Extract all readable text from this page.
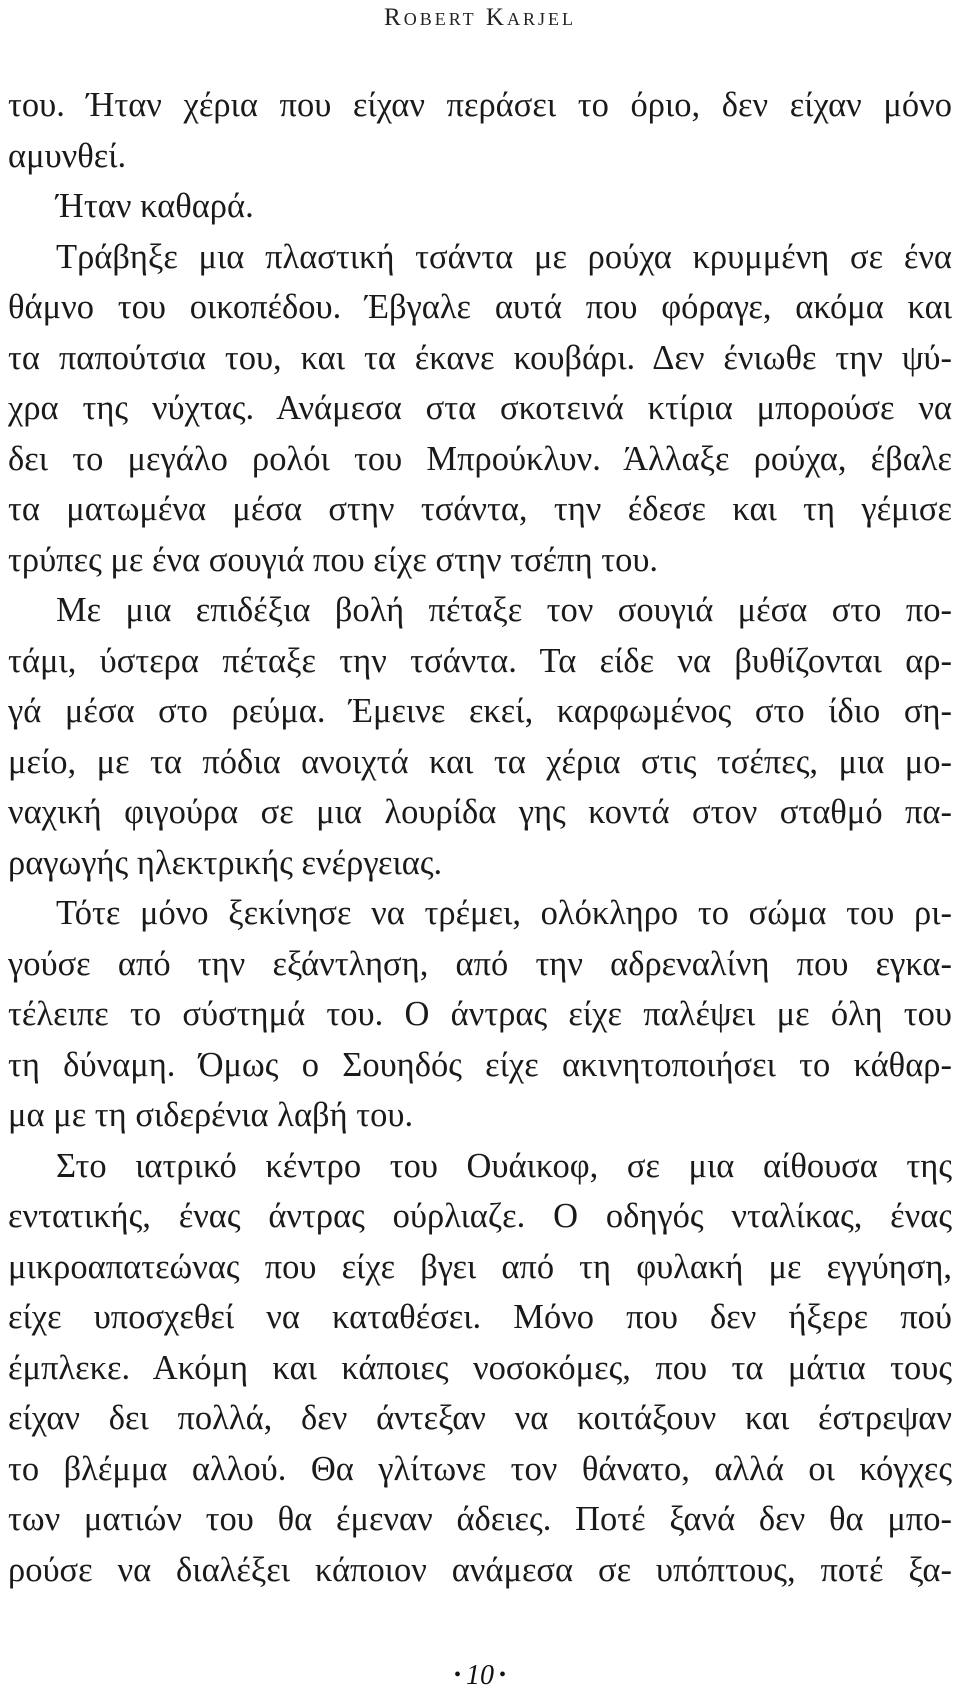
Robert Karjel
του. Ήταν χέρια που είχαν περάσει το όριο, δεν είχαν μόνο
αμυνθεί.
Ήταν καθαρά.
Τράβηξε μια πλαστική τσάντα με ρούχα κρυμμένη σε ένα
θάμνο του οικοπέδου. Έβγαλε αυτά που φόραγε, ακόμα και
τα παπούτσια του, και τα έκανε κουβάρι. Δεν ένιωθε την ψύ-
χρα της νύχτας. Ανάμεσα στα σκοτεινά κτίρια μπορούσε να
δει το μεγάλο ρολόι του Μπρούκλυν. Άλλαξε ρούχα, έβαλε
τα ματωμένα μέσα στην τσάντα, την έδεσε και τη γέμισε
τρύπες με ένα σουγιά που είχε στην τσέπη του.
Με μια επιδέξια βολή πέταξε τον σουγιά μέσα στο πο-
τάμι, ύστερα πέταξε την τσάντα. Τα είδε να βυθίζονται αρ-
γά μέσα στο ρεύμα. Έμεινε εκεί, καρφωμένος στο ίδιο ση-
μείο, με τα πόδια ανοιχτά και τα χέρια στις τσέπες, μια μο-
ναχική φιγούρα σε μια λουρίδα γης κοντά στον σταθμό πα-
ραγωγής ηλεκτρικής ενέργειας.
Τότε μόνο ξεκίνησε να τρέμει, ολόκληρο το σώμα του ρι-
γούσε από την εξάντληση, από την αδρεναλίνη που εγκα-
τέλειπε το σύστημά του. Ο άντρας είχε παλέψει με όλη του
τη δύναμη. Όμως ο Σουηδός είχε ακινητοποιήσει το κάθαρ-
μα με τη σιδερένια λαβή του.
Στο ιατρικό κέντρο του Ουάικοφ, σε μια αίθουσα της
εντατικής, ένας άντρας ούρλιαζε. Ο οδηγός νταλίκας, ένας
μικροαπατεώνας που είχε βγει από τη φυλακή με εγγύηση,
είχε υποσχεθεί να καταθέσει. Μόνο που δεν ήξερε πού
έμπλεκε. Ακόμη και κάποιες νοσοκόμες, που τα μάτια τους
είχαν δει πολλά, δεν άντεξαν να κοιτάξουν και έστρεψαν
το βλέμμα αλλού. Θα γλίτωνε τον θάνατο, αλλά οι κόγχες
των ματιών του θα έμεναν άδειες. Ποτέ ξανά δεν θα μπο-
ρούσε να διαλέξει κάποιον ανάμεσα σε υπόπτους, ποτέ ξα-
• 10 •
